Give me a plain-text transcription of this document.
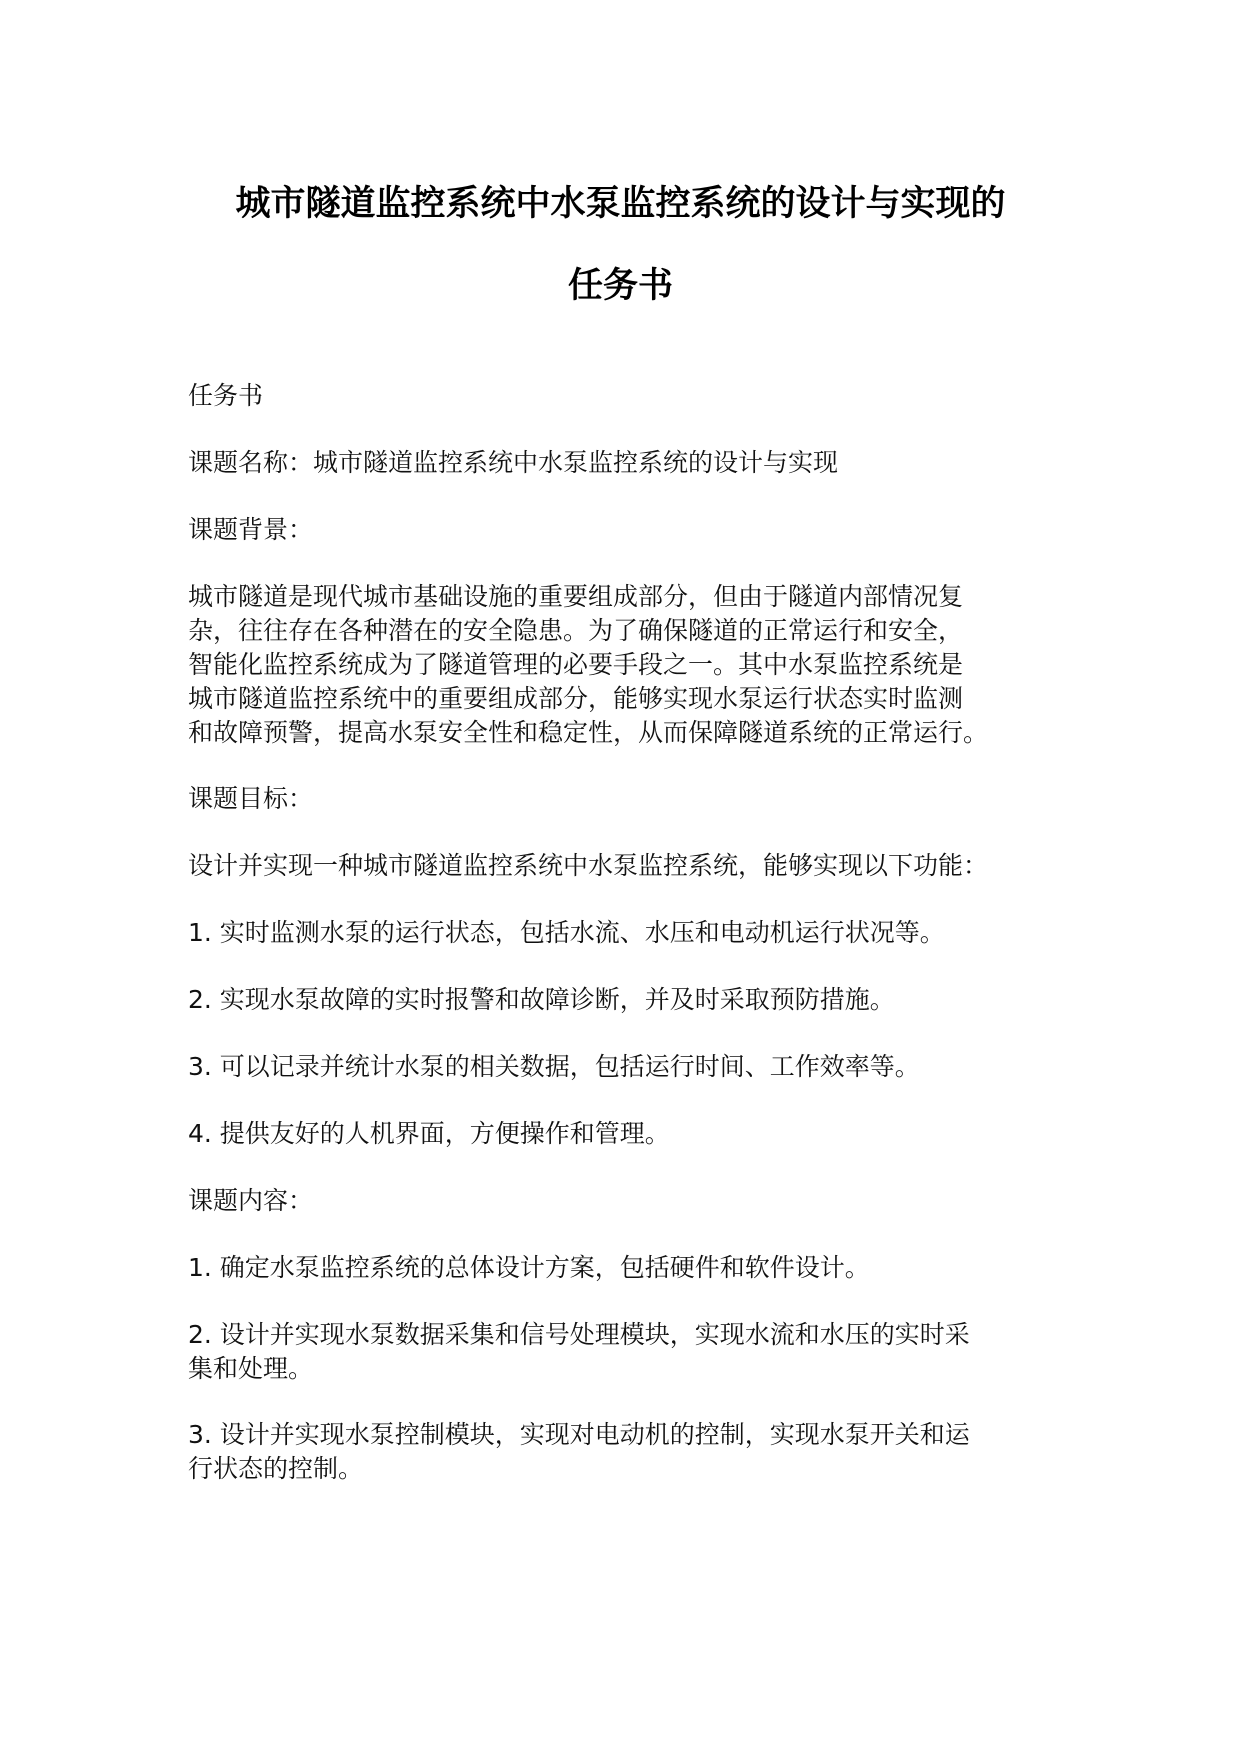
城市隧道监控系统中水泵监控系统的设计与实现的
任务书

任务书

课题名称：城市隧道监控系统中水泵监控系统的设计与实现

课题背景：

城市隧道是现代城市基础设施的重要组成部分，但由于隧道内部情况复
杂，往往存在各种潜在的安全隐患。为了确保隧道的正常运行和安全，
智能化监控系统成为了隧道管理的必要手段之一。其中水泵监控系统是
城市隧道监控系统中的重要组成部分，能够实现水泵运行状态实时监测
和故障预警，提高水泵安全性和稳定性，从而保障隧道系统的正常运行。

课题目标：

设计并实现一种城市隧道监控系统中水泵监控系统，能够实现以下功能：

1. 实时监测水泵的运行状态，包括水流、水压和电动机运行状况等。

2. 实现水泵故障的实时报警和故障诊断，并及时采取预防措施。

3. 可以记录并统计水泵的相关数据，包括运行时间、工作效率等。

4. 提供友好的人机界面，方便操作和管理。

课题内容：

1. 确定水泵监控系统的总体设计方案，包括硬件和软件设计。

2. 设计并实现水泵数据采集和信号处理模块，实现水流和水压的实时采
集和处理。

3. 设计并实现水泵控制模块，实现对电动机的控制，实现水泵开关和运
行状态的控制。
